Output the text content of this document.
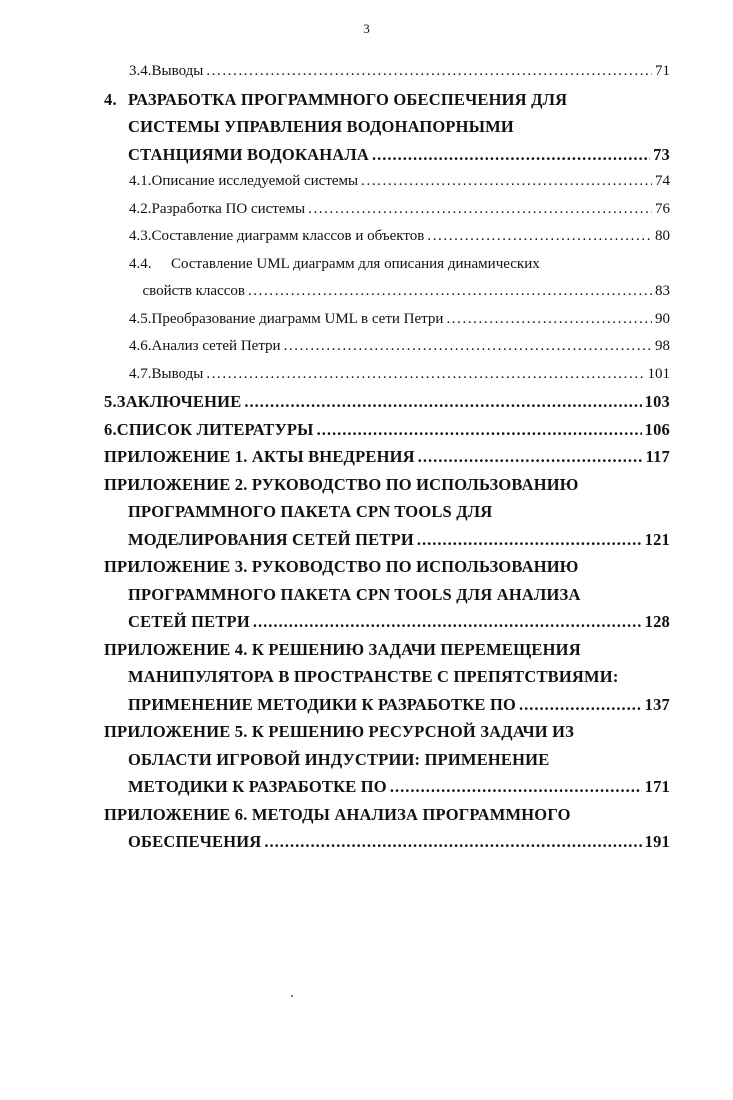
3
3.4. Выводы .....	71
4. РАЗРАБОТКА ПРОГРАММНОГО ОБЕСПЕЧЕНИЯ ДЛЯ
СИСТЕМЫ УПРАВЛЕНИЯ ВОДОНАПОРНЫМИ
СТАНЦИЯМИ ВОДОКАНАЛА .....	73
4.1. Описание исследуемой системы .....	74
4.2. Разработка ПО системы .....	76
4.3. Составление диаграмм классов и объектов .....	80
4.4.	Составление UML диаграмм для описания динамических
свойств классов .....	83
4.5. Преобразование диаграмм UML в сети Петри .....	90
4.6. Анализ сетей Петри .....	98
4.7. Выводы .....	101
5. ЗАКЛЮЧЕНИЕ .....	103
6. СПИСОК ЛИТЕРАТУРЫ .....	106
ПРИЛОЖЕНИЕ 1. АКТЫ ВНЕДРЕНИЯ .....	117
ПРИЛОЖЕНИЕ 2. РУКОВОДСТВО ПО ИСПОЛЬЗОВАНИЮ
ПРОГРАММНОГО ПАКЕТА CPN TOOLS ДЛЯ
МОДЕЛИРОВАНИЯ СЕТЕЙ ПЕТРИ .....	121
ПРИЛОЖЕНИЕ 3. РУКОВОДСТВО ПО ИСПОЛЬЗОВАНИЮ
ПРОГРАММНОГО ПАКЕТА CPN TOOLS ДЛЯ АНАЛИЗА
СЕТЕЙ ПЕТРИ .....	128
ПРИЛОЖЕНИЕ 4. К РЕШЕНИЮ ЗАДАЧИ ПЕРЕМЕЩЕНИЯ
МАНИПУЛЯТОРА В ПРОСТРАНСТВЕ С ПРЕПЯТСТВИЯМИ:
ПРИМЕНЕНИЕ МЕТОДИКИ К РАЗРАБОТКЕ ПО .....	137
ПРИЛОЖЕНИЕ 5. К РЕШЕНИЮ РЕСУРСНОЙ ЗАДАЧИ ИЗ
ОБЛАСТИ ИГРОВОЙ ИНДУСТРИИ: ПРИМЕНЕНИЕ
МЕТОДИКИ К РАЗРАБОТКЕ ПО .....	171
ПРИЛОЖЕНИЕ 6. МЕТОДЫ АНАЛИЗА ПРОГРАММНОГО
ОБЕСПЕЧЕНИЯ .....	191
